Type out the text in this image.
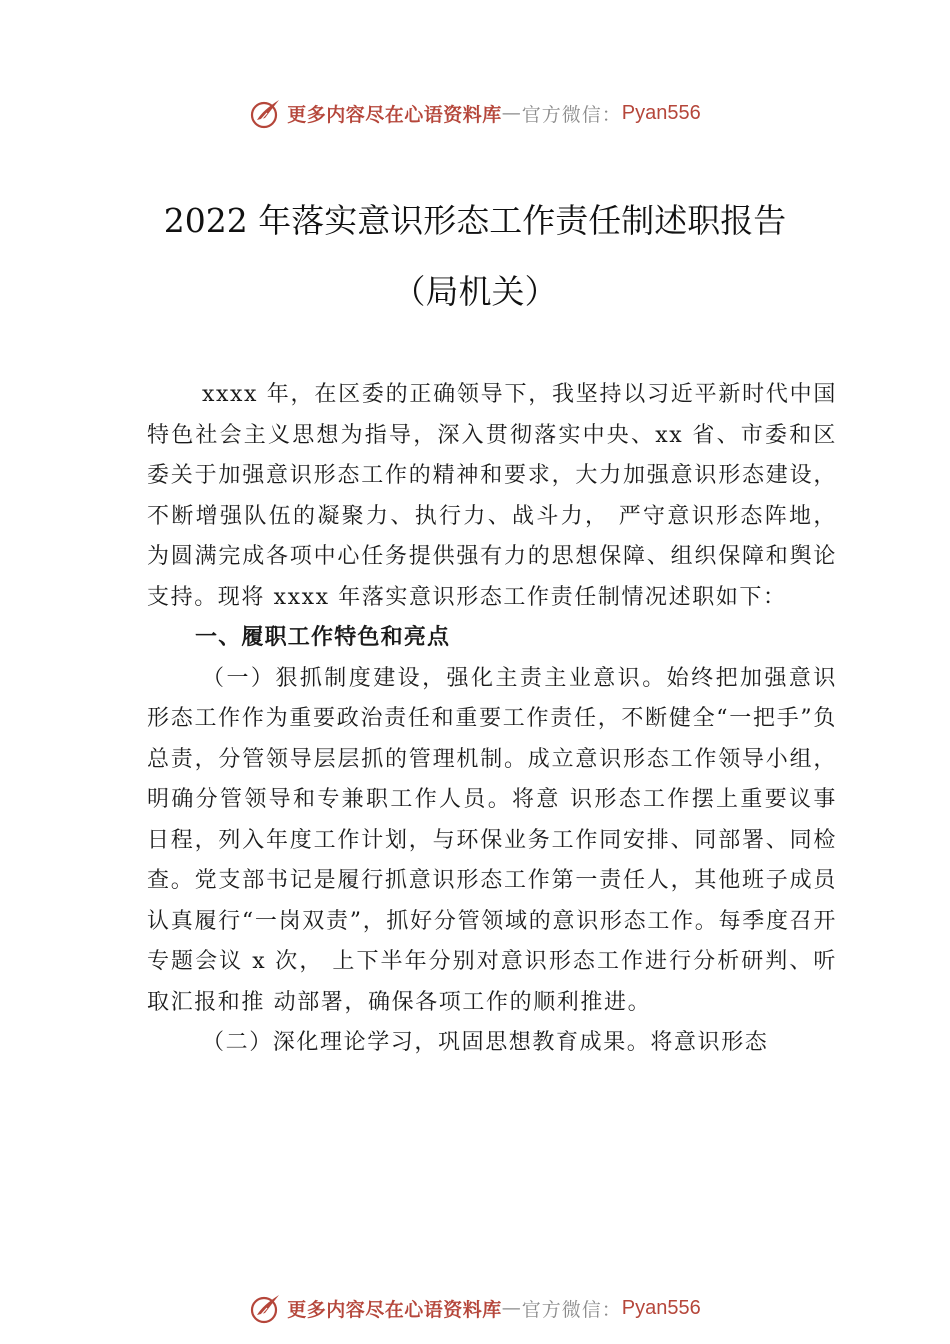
更多内容尽在心语资料库 — 官方微信： Pyan556
2022 年落实意识形态工作责任制述职报告
（局机关）

xxxx 年，在区委的正确领导下，我坚持以习近平新时代中国特色社会主义思想为指导，深入贯彻落实中央、xx 省、市委和区委关于加强意识形态工作的精神和要求，大力加强意识形态建设，不断增强队伍的凝聚力、执行力、战斗力， 严守意识形态阵地，为圆满完成各项中心任务提供强有力的思想保障、组织保障和舆论支持。现将 xxxx 年落实意识形态工作责任制情况述职如下：

一、履职工作特色和亮点

（一）狠抓制度建设，强化主责主业意识。始终把加强意识形态工作作为重要政治责任和重要工作责任，不断健全“一把手”负总责，分管领导层层抓的管理机制。成立意识形态工作领导小组，明确分管领导和专兼职工作人员。将意 识形态工作摆上重要议事日程，列入年度工作计划，与环保业务工作同安排、同部署、同检查。党支部书记是履行抓意识形态工作第一责任人，其他班子成员认真履行“一岗双责”，抓好分管领域的意识形态工作。每季度召开专题会议 x 次， 上下半年分别对意识形态工作进行分析研判、听取汇报和推 动部署，确保各项工作的顺利推进。

（二）深化理论学习，巩固思想教育成果。将意识形态

更多内容尽在心语资料库 — 官方微信： Pyan556
